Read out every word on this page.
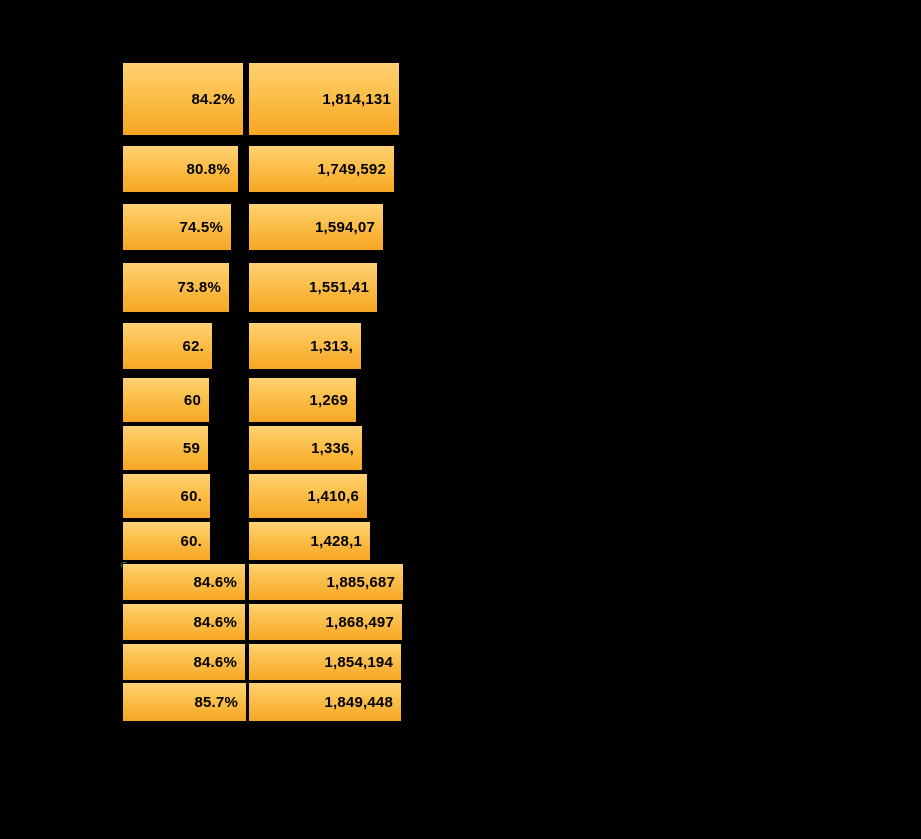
84.2%
80.8%
74.5%
73.8%
62.
60
59
60.
60.
84.6%
84.6%
84.6%
85.7%
1,814,131
1,749,592
1,594,07
1,551,41
1,313,
1,269
1,336,
1,410,6
1,428,1
1,885,687
1,868,497
1,854,194
1,849,448
